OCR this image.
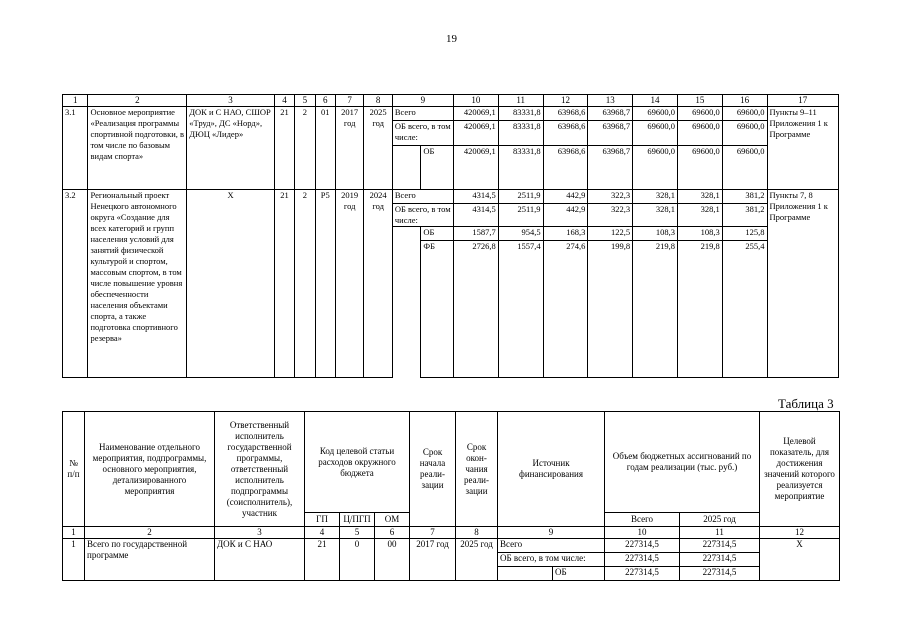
19
1	2	3	4	5	6	7	8	9		10	11	12	13	14	15	16	17
3.1	Основное мероприятие «Реализация программы спортивной подготовки, в том числе по базовым видам спорта»	ДОК и С НАО, СШОР «Труд», ДС «Норд», ДЮЦ «Лидер»	21	2	01	2017 год	2025 год	Всего		420069,1	83331,8	63968,6	63968,7	69600,0	69600,0	69600,0	Пункты 9–11 Приложения 1 к Программе
								ОБ всего, в том числе:		420069,1	83331,8	63968,6	63968,7	69600,0	69600,0	69600,0	
									ОБ	420069,1	83331,8	63968,6	63968,7	69600,0	69600,0	69600,0	
3.2	Региональный проект Ненецкого автономного округа «Создание для всех категорий и групп населения условий для занятий физической культурой и спортом, массовым спортом, в том числе повышение уровня обеспеченности населения объектами спорта, а также подготовка спортивного резерва»	X	21	2	P5	2019 год	2024 год	Всего		4314,5	2511,9	442,9	322,3	328,1	328,1	381,2	Пункты 7, 8 Приложения 1 к Программе
								ОБ всего, в том числе:		4314,5	2511,9	442,9	322,3	328,1	328,1	381,2	
									ОБ	1587,7	954,5	168,3	122,5	108,3	108,3	125,8	
									ФБ	2726,8	1557,4	274,6	199,8	219,8	219,8	255,4	
Таблица 3
№ п/п	Наименование отдельного мероприятия, подпрограммы, основного мероприятия, детализированного мероприятия	Ответственный исполнитель государственной программы, ответственный исполнитель подпрограммы (соисполнитель), участник	Код целевой статьи расходов окружного бюджета			Срок начала реали-зации	Срок окон-чания реали-зации	Источник финансирования		Объем бюджетных ассигнований по годам реализации (тыс. руб.)		Целевой показатель, для достижения значений которого реализуется мероприятие
			ГП	Ц/ПГП	ОМ					Всего	2025 год	
1	2	3	4	5	6	7	8	9		10	11	12
1	Всего по государственной программе	ДОК и С НАО	21	0	00	2017 год	2025 год	Всего		227314,5	227314,5	X
								ОБ всего, в том числе:		227314,5	227314,5	
									ОБ	227314,5	227314,5	
